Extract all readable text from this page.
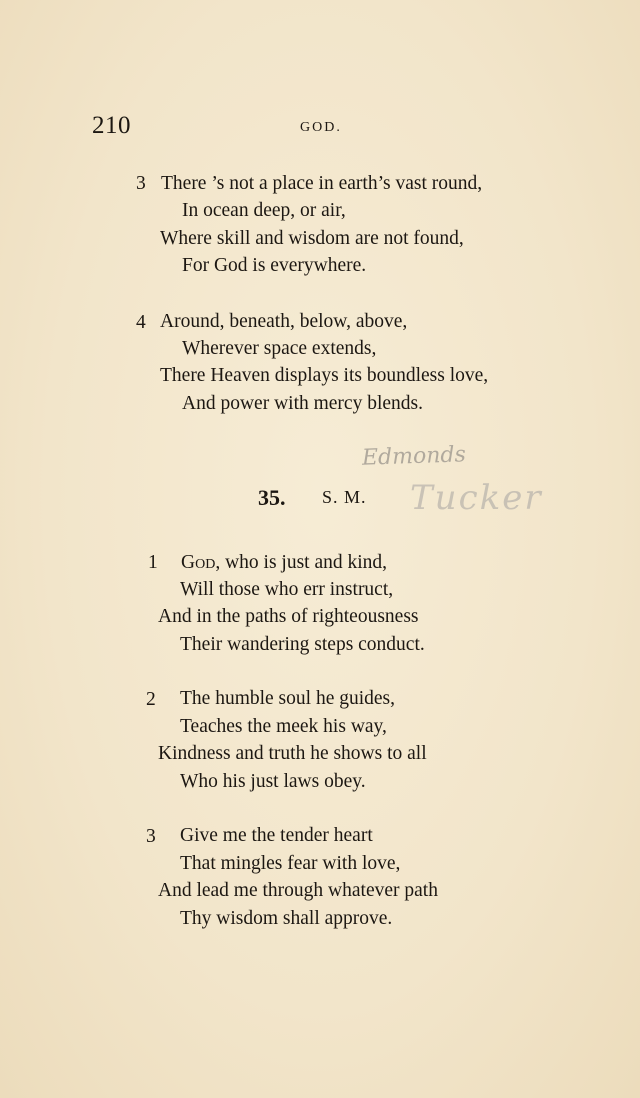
210	GOD.
3 There ’s not a place in earth’s vast round,
In ocean deep, or air,
Where skill and wisdom are not found,
For God is everywhere.
4 Around, beneath, below, above,
Wherever space extends,
There Heaven displays its boundless love,
And power with mercy blends.
Edmonds
Tucker
35. S. M.
1 God, who is just and kind,
Will those who err instruct,
And in the paths of righteousness
Their wandering steps conduct.
2 The humble soul he guides,
Teaches the meek his way,
Kindness and truth he shows to all
Who his just laws obey.
3 Give me the tender heart
That mingles fear with love,
And lead me through whatever path
Thy wisdom shall approve.
